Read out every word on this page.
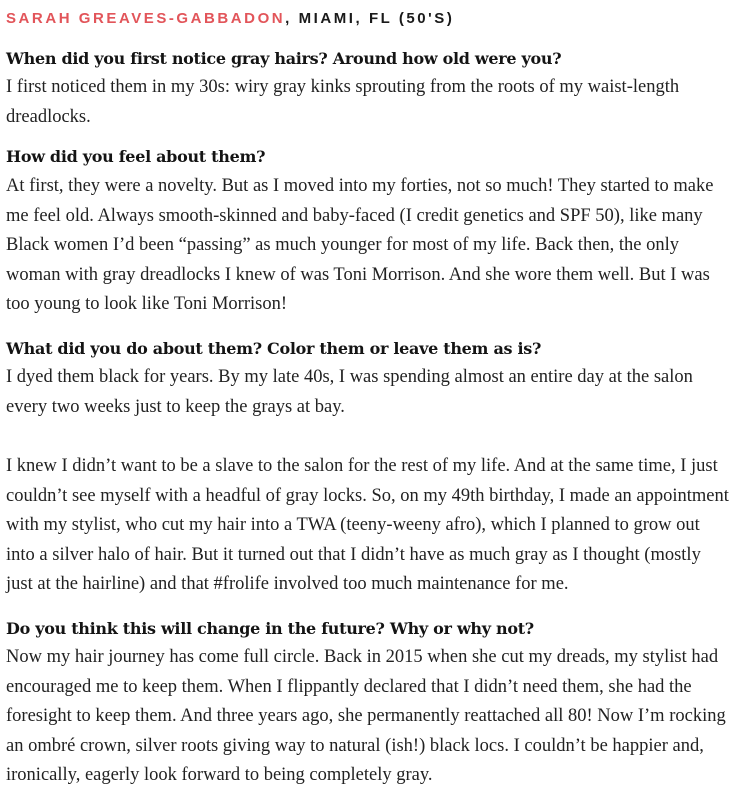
SARAH GREAVES-GABBADON, MIAMI, FL (50'S)
When did you first notice gray hairs? Around how old were you?
I first noticed them in my 30s: wiry gray kinks sprouting from the roots of my waist-length dreadlocks.
How did you feel about them?
At first, they were a novelty. But as I moved into my forties, not so much! They started to make me feel old. Always smooth-skinned and baby-faced (I credit genetics and SPF 50), like many Black women I’d been “passing” as much younger for most of my life. Back then, the only woman with gray dreadlocks I knew of was Toni Morrison. And she wore them well. But I was too young to look like Toni Morrison!
What did you do about them? Color them or leave them as is?
I dyed them black for years. By my late 40s, I was spending almost an entire day at the salon every two weeks just to keep the grays at bay.
I knew I didn’t want to be a slave to the salon for the rest of my life. And at the same time, I just couldn’t see myself with a headful of gray locks. So, on my 49th birthday, I made an appointment with my stylist, who cut my hair into a TWA (teeny-weeny afro), which I planned to grow out into a silver halo of hair. But it turned out that I didn’t have as much gray as I thought (mostly just at the hairline) and that #frolife involved too much maintenance for me.
Do you think this will change in the future? Why or why not?
Now my hair journey has come full circle. Back in 2015 when she cut my dreads, my stylist had encouraged me to keep them. When I flippantly declared that I didn’t need them, she had the foresight to keep them. And three years ago, she permanently reattached all 80! Now I’m rocking an ombré crown, silver roots giving way to natural (ish!) black locs. I couldn’t be happier and, ironically, eagerly look forward to being completely gray.
